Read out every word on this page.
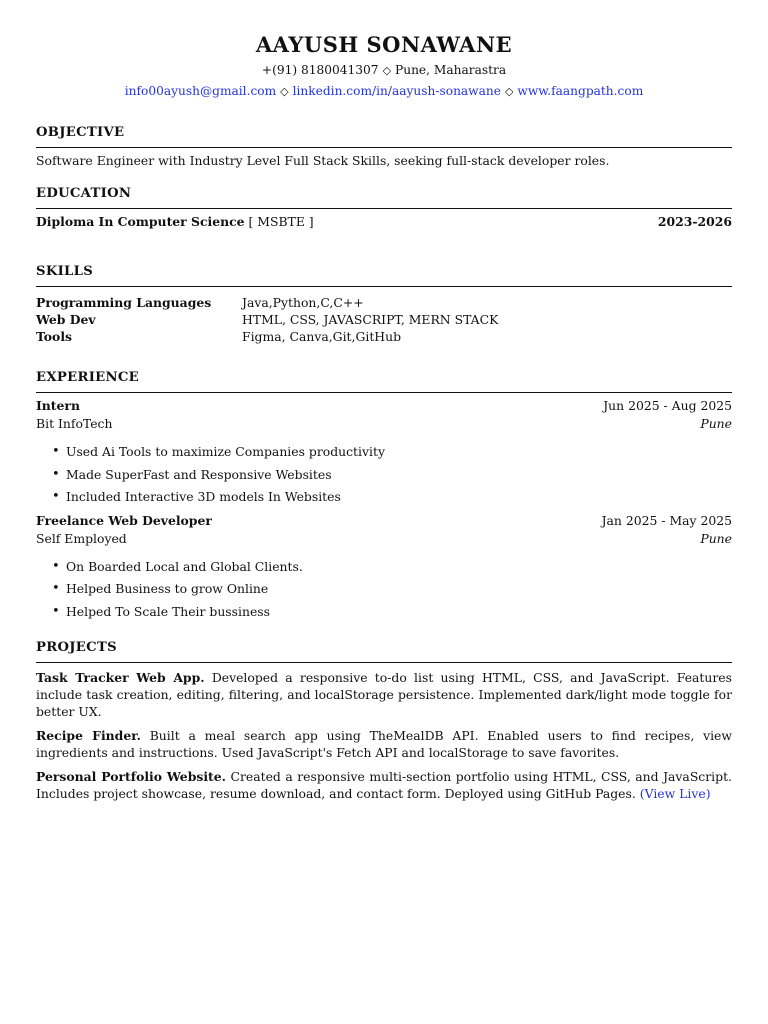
AAYUSH SONAWANE
+(91) 8180041307 ◇ Pune, Maharastra
info00ayush@gmail.com ◇ linkedin.com/in/aayush-sonawane ◇ www.faangpath.com
OBJECTIVE
Software Engineer with Industry Level Full Stack Skills, seeking full-stack developer roles.
EDUCATION
Diploma In Computer Science [ MSBTE ]	2023-2026
SKILLS
Programming Languages	Java,Python,C,C++
Web Dev	HTML, CSS, JAVASCRIPT, MERN STACK
Tools	Figma, Canva,Git,GitHub
EXPERIENCE
Intern	Jun 2025 - Aug 2025
Bit InfoTech	Pune
• Used Ai Tools to maximize Companies productivity
• Made SuperFast and Responsive Websites
• Included Interactive 3D models In Websites
Freelance Web Developer	Jan 2025 - May 2025
Self Employed	Pune
• On Boarded Local and Global Clients.
• Helped Business to grow Online
• Helped To Scale Their bussiness
PROJECTS
Task Tracker Web App. Developed a responsive to-do list using HTML, CSS, and JavaScript. Features include task creation, editing, filtering, and localStorage persistence. Implemented dark/light mode toggle for better UX.
Recipe Finder. Built a meal search app using TheMealDB API. Enabled users to find recipes, view ingredients and instructions. Used JavaScript's Fetch API and localStorage to save favorites.
Personal Portfolio Website. Created a responsive multi-section portfolio using HTML, CSS, and JavaScript. Includes project showcase, resume download, and contact form. Deployed using GitHub Pages. (View Live)
